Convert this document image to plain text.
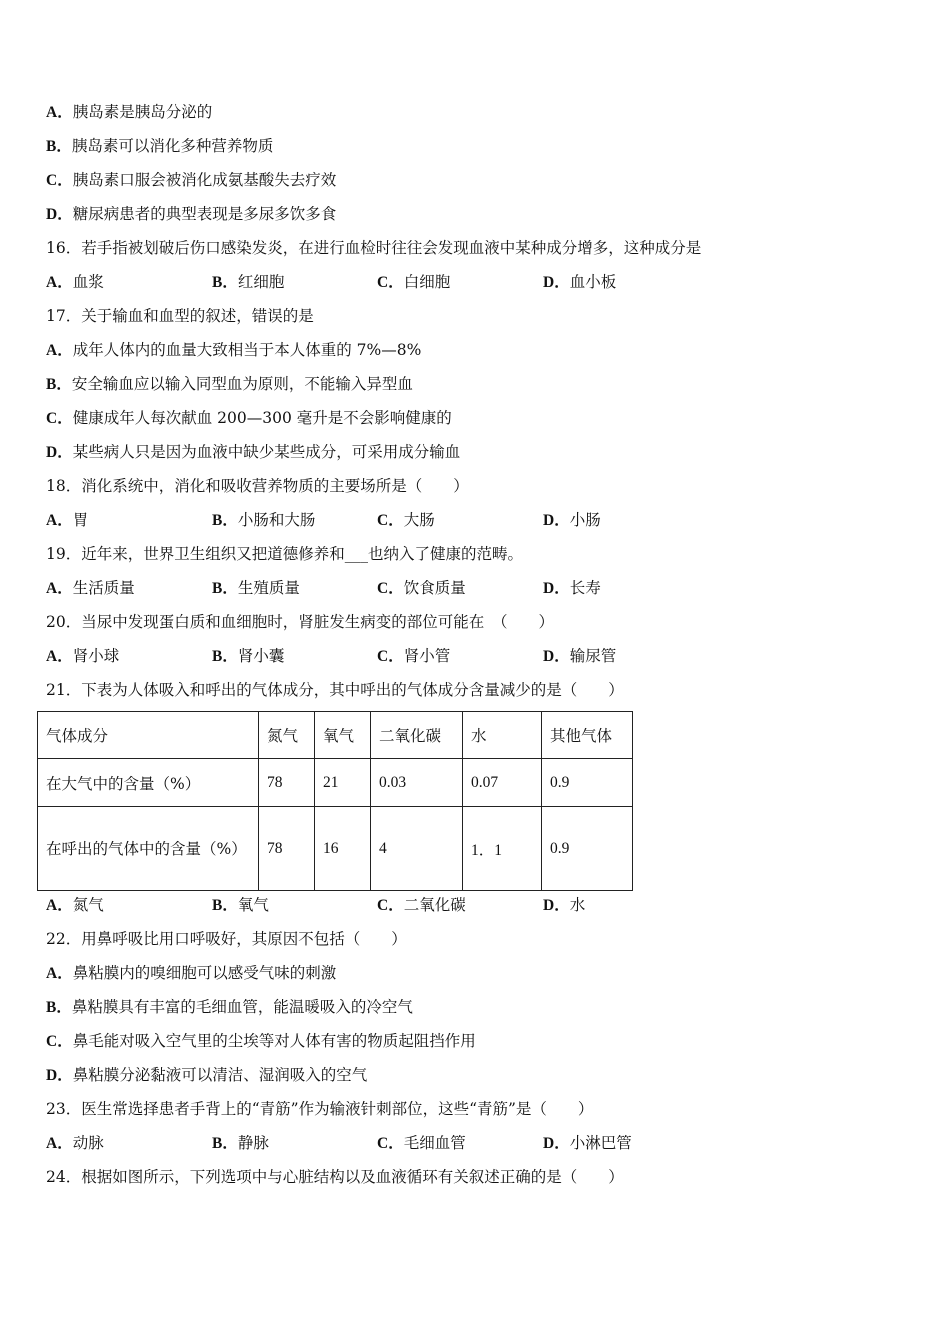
A．胰岛素是胰岛分泌的
B．胰岛素可以消化多种营养物质
C．胰岛素口服会被消化成氨基酸失去疗效
D．糖尿病患者的典型表现是多尿多饮多食
16．若手指被划破后伤口感染发炎，在进行血检时往往会发现血液中某种成分增多，这种成分是
A．血浆	B．红细胞	C．白细胞	D．血小板
17．关于输血和血型的叙述，错误的是
A．成年人体内的血量大致相当于本人体重的 7%—8%
B．安全输血应以输入同型血为原则，不能输入异型血
C．健康成年人每次献血 200—300 毫升是不会影响健康的
D．某些病人只是因为血液中缺少某些成分，可采用成分输血
18．消化系统中，消化和吸收营养物质的主要场所是（　　）
A．胃	B．小肠和大肠	C．大肠	D．小肠
19．近年来，世界卫生组织又把道德修养和___也纳入了健康的范畴。
A．生活质量	B．生殖质量	C．饮食质量	D．长寿
20．当尿中发现蛋白质和血细胞时，肾脏发生病变的部位可能在　（　　）
A．肾小球	B．肾小囊	C．肾小管	D．输尿管
21．下表为人体吸入和呼出的气体成分，其中呼出的气体成分含量减少的是（　　）
气体成分	氮气	氧气	二氧化碳	水	其他气体
在大气中的含量（%）	78	21	0.03	0.07	0.9
在呼出的气体中的含量（%）	78	16	4	1．1	0.9
A．氮气	B．氧气	C．二氧化碳	D．水
22．用鼻呼吸比用口呼吸好，其原因不包括（　　）
A．鼻粘膜内的嗅细胞可以感受气味的刺激
B．鼻粘膜具有丰富的毛细血管，能温暖吸入的冷空气
C．鼻毛能对吸入空气里的尘埃等对人体有害的物质起阻挡作用
D．鼻粘膜分泌黏液可以清洁、湿润吸入的空气
23．医生常选择患者手背上的“青筋”作为输液针刺部位，这些“青筋”是（　　）
A．动脉	B．静脉	C．毛细血管	D．小淋巴管
24．根据如图所示，下列选项中与心脏结构以及血液循环有关叙述正确的是（　　）
